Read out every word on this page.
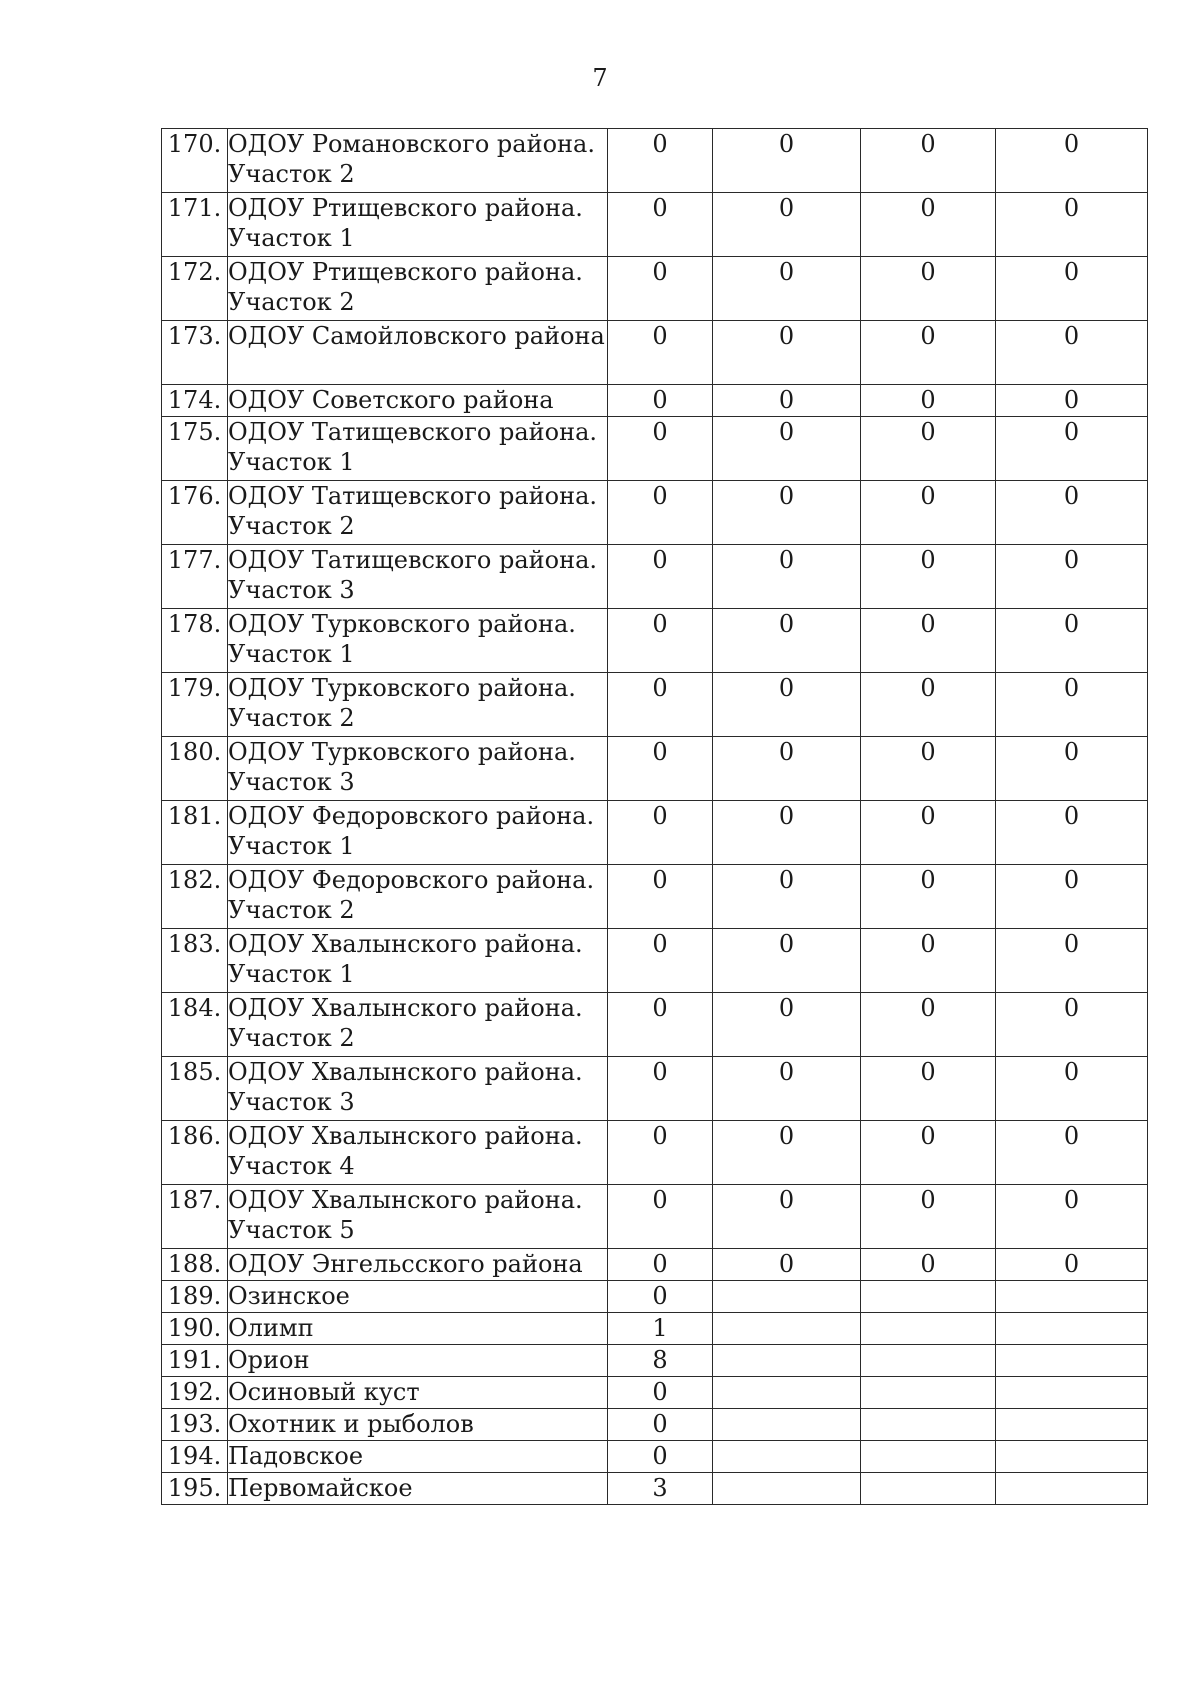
7
170.	ОДОУ Романовского района. Участок 2	0	0	0	0
171.	ОДОУ Ртищевского района. Участок 1	0	0	0	0
172.	ОДОУ Ртищевского района. Участок 2	0	0	0	0
173.	ОДОУ Самойловского района	0	0	0	0
174.	ОДОУ Советского района	0	0	0	0
175.	ОДОУ Татищевского района. Участок 1	0	0	0	0
176.	ОДОУ Татищевского района. Участок 2	0	0	0	0
177.	ОДОУ Татищевского района. Участок 3	0	0	0	0
178.	ОДОУ Турковского района. Участок 1	0	0	0	0
179.	ОДОУ Турковского района. Участок 2	0	0	0	0
180.	ОДОУ Турковского района. Участок 3	0	0	0	0
181.	ОДОУ Федоровского района. Участок 1	0	0	0	0
182.	ОДОУ Федоровского района. Участок 2	0	0	0	0
183.	ОДОУ Хвалынского района. Участок 1	0	0	0	0
184.	ОДОУ Хвалынского района. Участок 2	0	0	0	0
185.	ОДОУ Хвалынского района. Участок 3	0	0	0	0
186.	ОДОУ Хвалынского района. Участок 4	0	0	0	0
187.	ОДОУ Хвалынского района. Участок 5	0	0	0	0
188.	ОДОУ Энгельсского района	0	0	0	0
189.	Озинское	0			
190.	Олимп	1			
191.	Орион	8			
192.	Осиновый куст	0			
193.	Охотник и рыболов	0			
194.	Падовское	0			
195.	Первомайское	3			
